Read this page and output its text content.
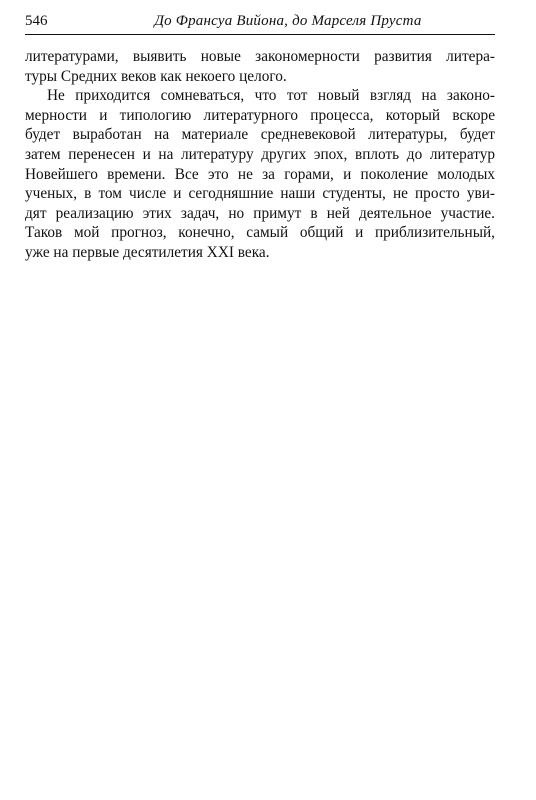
546	До Франсуа Вийона, до Марселя Пруста
литературами, выявить новые закономерности развития литера-
туры Средних веков как некоего целого.
Не приходится сомневаться, что тот новый взгляд на законо-
мерности и типологию литературного процесса, который вскоре
будет выработан на материале средневековой литературы, будет
затем перенесен и на литературу других эпох, вплоть до литератур
Новейшего времени. Все это не за горами, и поколение молодых
ученых, в том числе и сегодняшние наши студенты, не просто уви-
дят реализацию этих задач, но примут в ней деятельное участие.
Таков мой прогноз, конечно, самый общий и приблизительный,
уже на первые десятилетия XXI века.
